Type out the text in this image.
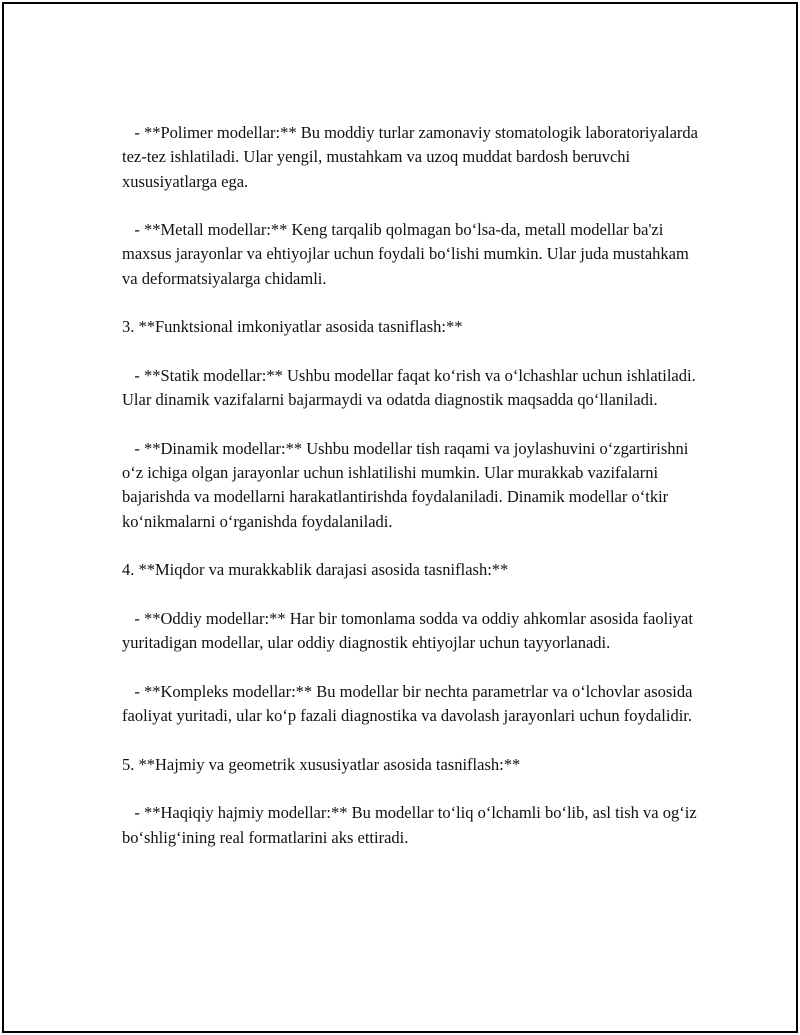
- **Polimer modellar:** Bu moddiy turlar zamonaviy stomatologik laboratoriyalarda tez-tez ishlatiladi. Ular yengil, mustahkam va uzoq muddat bardosh beruvchi xususiyatlarga ega.

- **Metall modellar:** Keng tarqalib qolmagan boʻlsa-da, metall modellar ba'zi maxsus jarayonlar va ehtiyojlar uchun foydali boʻlishi mumkin. Ular juda mustahkam va deformatsiyalarga chidamli.

3. **Funktsional imkoniyatlar asosida tasniflash:**

- **Statik modellar:** Ushbu modellar faqat koʻrish va oʻlchashlar uchun ishlatiladi. Ular dinamik vazifalarni bajarmaydi va odatda diagnostik maqsadda qoʻllaniladi.

- **Dinamik modellar:** Ushbu modellar tish raqami va joylashuvini oʻzgartirishni oʻz ichiga olgan jarayonlar uchun ishlatilishi mumkin. Ular murakkab vazifalarni bajarishda va modellarni harakatlantirishda foydalaniladi. Dinamik modellar oʻtkir koʻnikmalarni oʻrganishda foydalaniladi.

4. **Miqdor va murakkablik darajasi asosida tasniflash:**

- **Oddiy modellar:** Har bir tomonlama sodda va oddiy ahkomlar asosida faoliyat yuritadigan modellar, ular oddiy diagnostik ehtiyojlar uchun tayyorlanadi.

- **Kompleks modellar:** Bu modellar bir nechta parametrlar va oʻlchovlar asosida faoliyat yuritadi, ular koʻp fazali diagnostika va davolash jarayonlari uchun foydalidir.

5. **Hajmiy va geometrik xususiyatlar asosida tasniflash:**

- **Haqiqiy hajmiy modellar:** Bu modellar toʻliq oʻlchamli boʻlib, asl tish va ogʻiz boʻshligʻining real formatlarini aks ettiradi.
